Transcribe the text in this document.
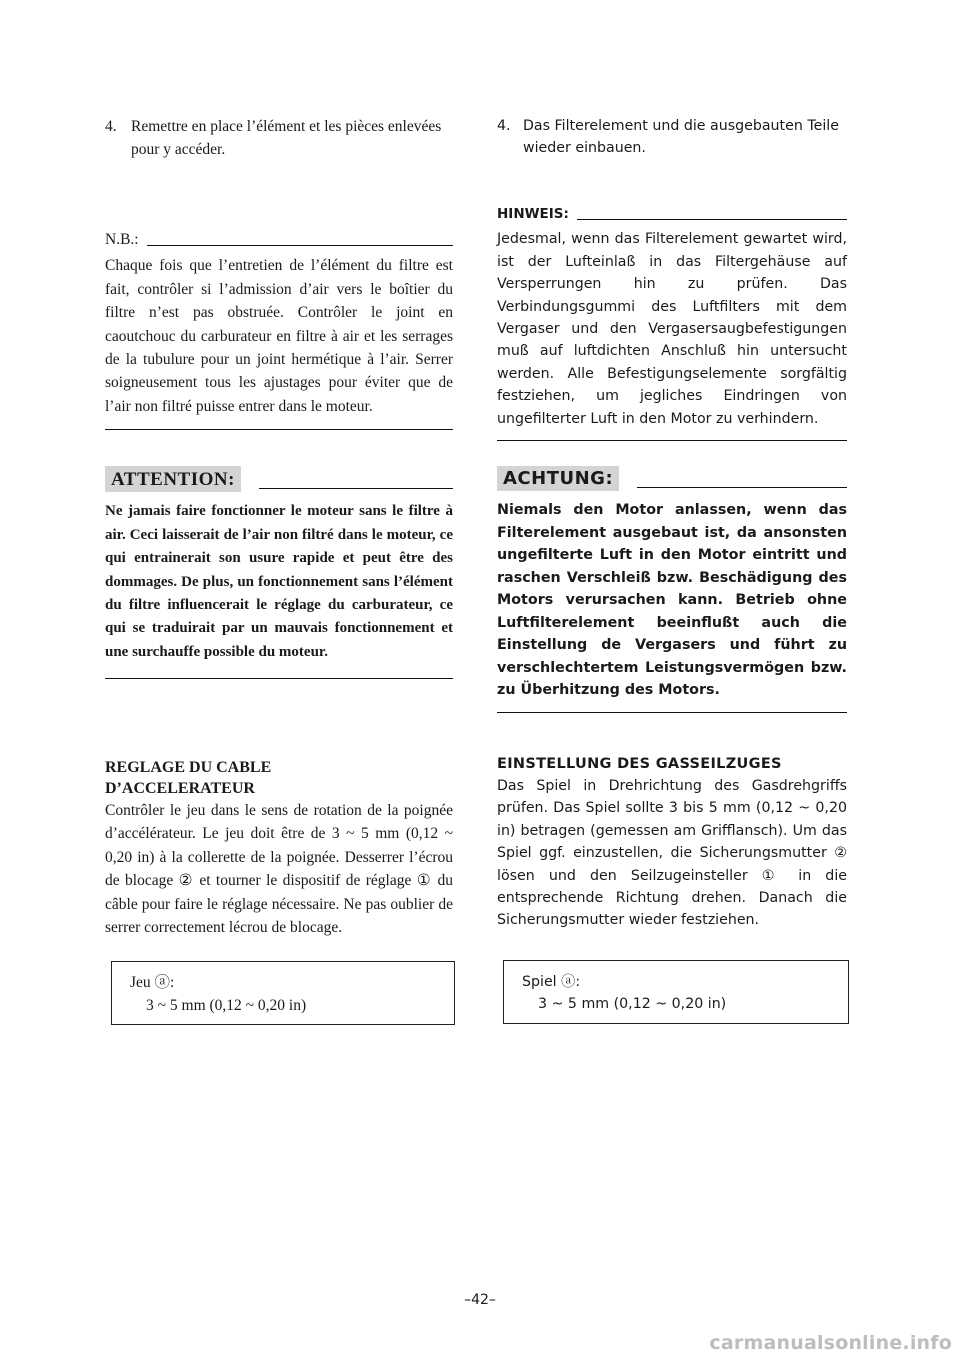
4. Remettre en place l’élément et les pièces enlevées pour y accéder.
N.B.:
Chaque fois que l’entretien de l’élément du filtre est fait, contrôler si l’admission d’air vers le boîtier du filtre n’est pas obstruée. Contrôler le joint en caoutchouc du carburateur en filtre à air et les serrages de la tubulure pour un joint hermétique à l’air. Serrer soigneusement tous les ajustages pour éviter que de l’air non filtré puisse entrer dans le moteur.
ATTENTION:
Ne jamais faire fonctionner le moteur sans le filtre à air. Ceci laisserait de l’air non filtré dans le moteur, ce qui entrainerait son usure rapide et peut être des dommages. De plus, un fonctionnement sans l’élément du filtre influencerait le réglage du carburateur, ce qui se traduirait par un mauvais fonctionnement et une surchauffe possible du moteur.
REGLAGE DU CABLE
D’ACCELERATEUR
Contrôler le jeu dans le sens de rotation de la poignée d’accélérateur. Le jeu doit être de 3 ~ 5 mm (0,12 ~ 0,20 in) à la collerette de la poignée. Desserrer l’écrou de blocage ② et tourner le dispositif de réglage ① du câble pour faire le réglage nécessaire. Ne pas oublier de serrer correctement lécrou de blocage.
Jeu ⓐ:
3 ~ 5 mm (0,12 ~ 0,20 in)
4. Das Filterelement und die ausgebauten Teile wieder einbauen.
HINWEIS:
Jedesmal, wenn das Filterelement gewartet wird, ist der Lufteinlaß in das Filtergehäuse auf Versperrungen hin zu prüfen. Das Verbindungsgummi des Luftfilters mit dem Vergaser und den Vergasersaugbefestigungen muß auf luftdichten Anschluß hin untersucht werden. Alle Befestigungselemente sorgfältig festziehen, um jegliches Eindringen von ungefilterter Luft in den Motor zu verhindern.
ACHTUNG:
Niemals den Motor anlassen, wenn das Filterelement ausgebaut ist, da ansonsten ungefilterte Luft in den Motor eintritt und raschen Verschleiß bzw. Beschädigung des Motors verursachen kann. Betrieb ohne Luftfilterelement beeinflußt auch die Einstellung de Vergasers und führt zu verschlechtertem Leistungsvermögen bzw. zu Überhitzung des Motors.
EINSTELLUNG DES GASSEILZUGES
Das Spiel in Drehrichtung des Gasdrehgriffs prüfen. Das Spiel sollte 3 bis 5 mm (0,12 ~ 0,20 in) betragen (gemessen am Grifflansch). Um das Spiel ggf. einzustellen, die Sicherungsmutter ② lösen und den Seilzugeinsteller ① in die entsprechende Richtung drehen. Danach die Sicherungsmutter wieder festziehen.
Spiel ⓐ:
3 ~ 5 mm (0,12 ~ 0,20 in)
–42–
carmanualsonline.info
